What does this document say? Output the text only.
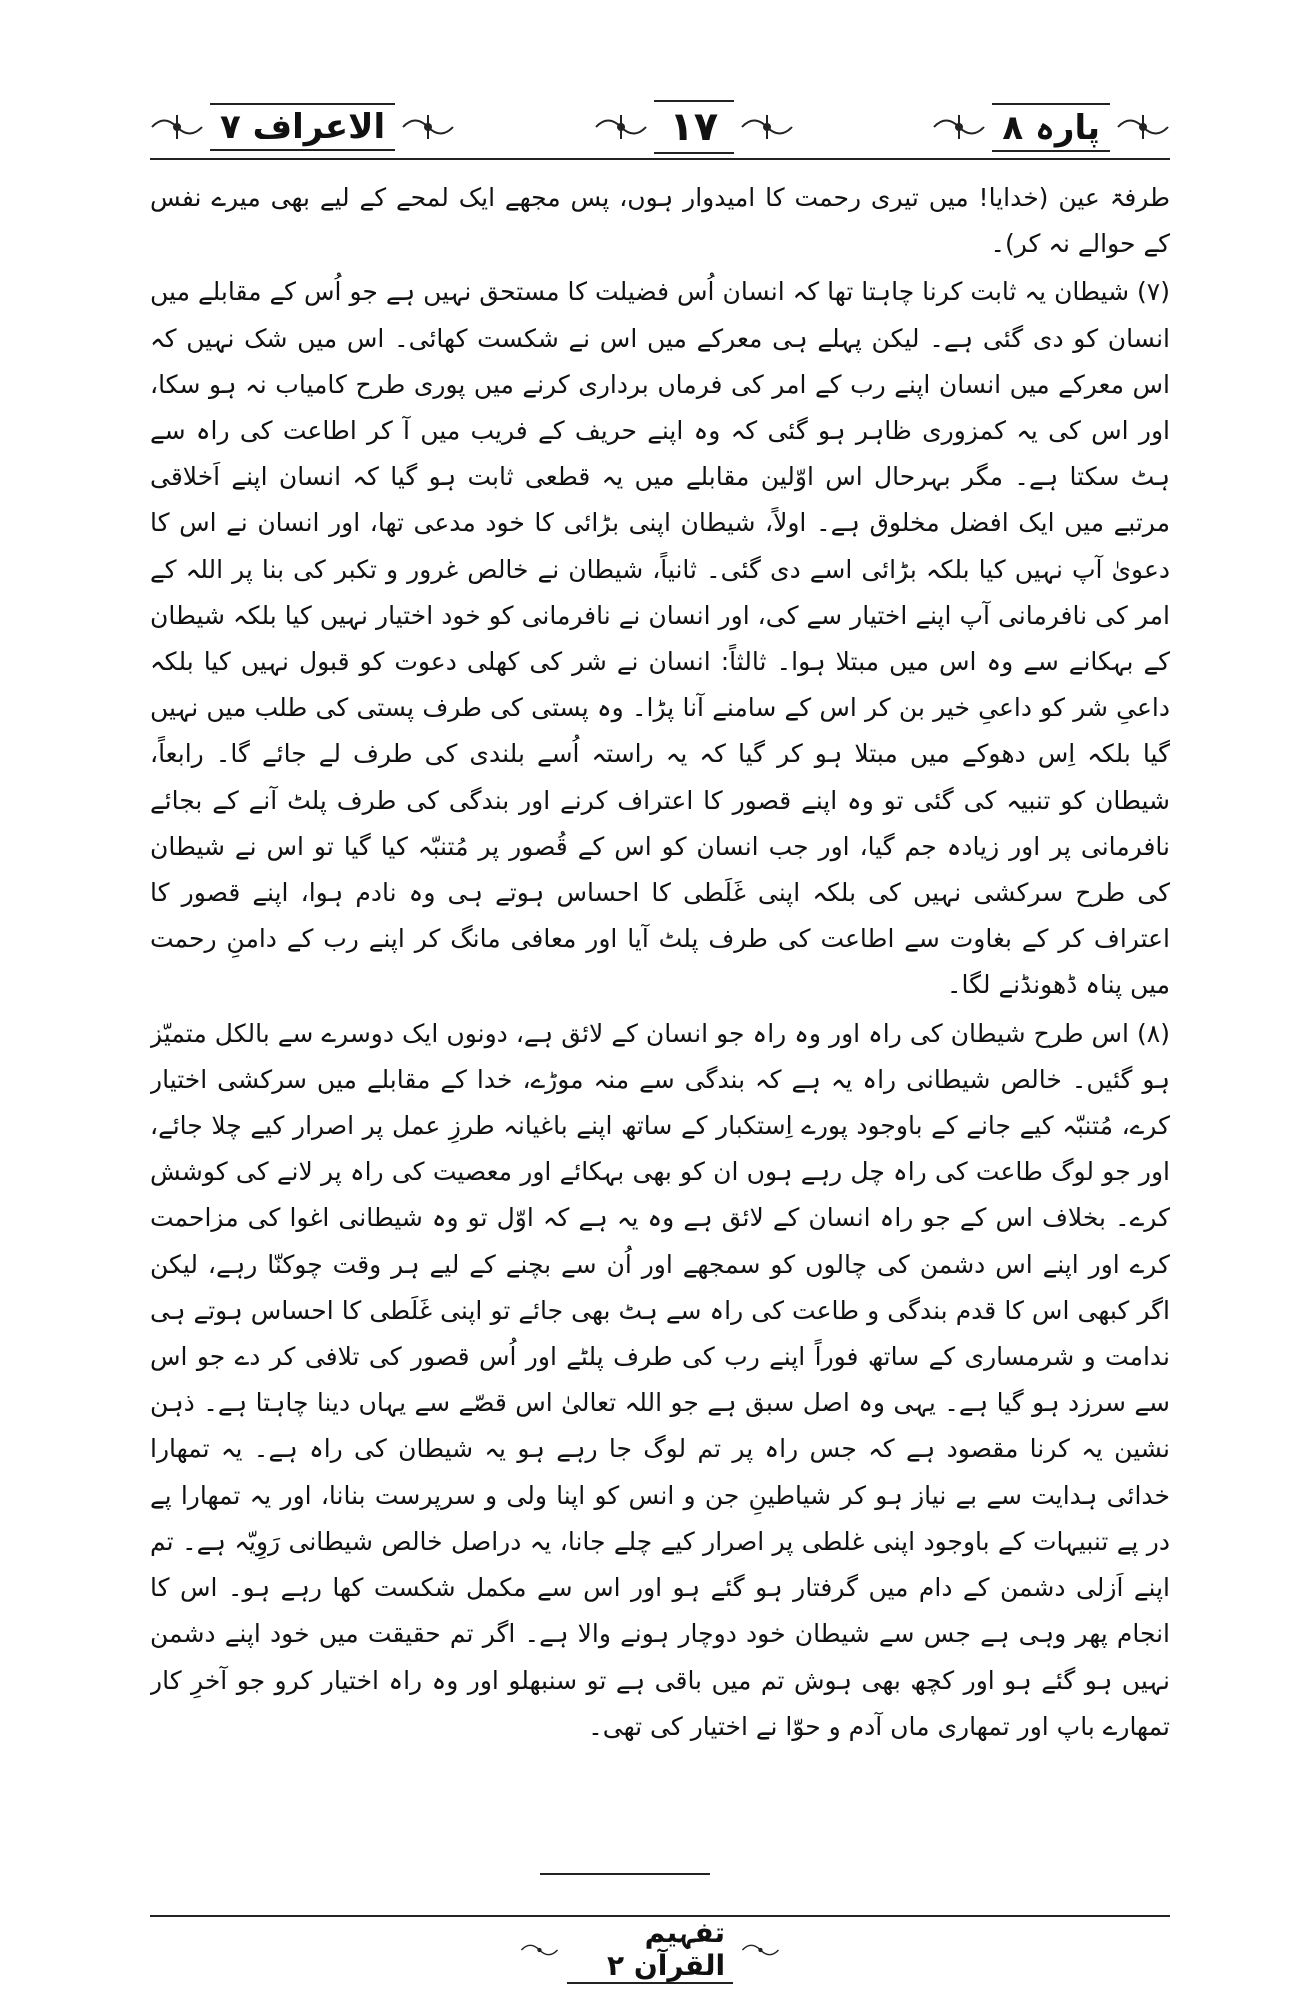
الاعراف ۷	۱۷	پارہ ۸

طرفۃ عین (خدایا! میں تیری رحمت کا امیدوار ہوں، پس مجھے ایک لمحے کے لیے بھی میرے نفس کے حوالے نہ کر)۔

(۷) شیطان یہ ثابت کرنا چاہتا تھا کہ انسان اُس فضیلت کا مستحق نہیں ہے جو اُس کے مقابلے میں انسان کو دی گئی ہے۔ لیکن پہلے ہی معرکے میں اس نے شکست کھائی۔ اس میں شک نہیں کہ اس معرکے میں انسان اپنے رب کے امر کی فرماں برداری کرنے میں پوری طرح کامیاب نہ ہو سکا، اور اس کی یہ کمزوری ظاہر ہو گئی کہ وہ اپنے حریف کے فریب میں آ کر اطاعت کی راہ سے ہٹ سکتا ہے۔ مگر بہرحال اس اوّلین مقابلے میں یہ قطعی ثابت ہو گیا کہ انسان اپنے اَخلاقی مرتبے میں ایک افضل مخلوق ہے۔ اولاً، شیطان اپنی بڑائی کا خود مدعی تھا، اور انسان نے اس کا دعویٰ آپ نہیں کیا بلکہ بڑائی اسے دی گئی۔ ثانیاً، شیطان نے خالص غرور و تکبر کی بنا پر اللہ کے امر کی نافرمانی آپ اپنے اختیار سے کی، اور انسان نے نافرمانی کو خود اختیار نہیں کیا بلکہ شیطان کے بہکانے سے وہ اس میں مبتلا ہوا۔ ثالثاً: انسان نے شر کی کھلی دعوت کو قبول نہیں کیا بلکہ داعیِ شر کو داعیِ خیر بن کر اس کے سامنے آنا پڑا۔ وہ پستی کی طرف پستی کی طلب میں نہیں گیا بلکہ اِس دھوکے میں مبتلا ہو کر گیا کہ یہ راستہ اُسے بلندی کی طرف لے جائے گا۔ رابعاً، شیطان کو تنبیہ کی گئی تو وہ اپنے قصور کا اعتراف کرنے اور بندگی کی طرف پلٹ آنے کے بجائے نافرمانی پر اور زیادہ جم گیا، اور جب انسان کو اس کے قُصور پر مُتنبّہ کیا گیا تو اس نے شیطان کی طرح سرکشی نہیں کی بلکہ اپنی غَلَطی کا احساس ہوتے ہی وہ نادم ہوا، اپنے قصور کا اعتراف کر کے بغاوت سے اطاعت کی طرف پلٹ آیا اور معافی مانگ کر اپنے رب کے دامنِ رحمت میں پناہ ڈھونڈنے لگا۔

(۸) اس طرح شیطان کی راہ اور وہ راہ جو انسان کے لائق ہے، دونوں ایک دوسرے سے بالکل متمیّز ہو گئیں۔ خالص شیطانی راہ یہ ہے کہ بندگی سے منہ موڑے، خدا کے مقابلے میں سرکشی اختیار کرے، مُتنبّہ کیے جانے کے باوجود پورے اِستکبار کے ساتھ اپنے باغیانہ طرزِ عمل پر اصرار کیے چلا جائے، اور جو لوگ طاعت کی راہ چل رہے ہوں ان کو بھی بہکائے اور معصیت کی راہ پر لانے کی کوشش کرے۔ بخلاف اس کے جو راہ انسان کے لائق ہے وہ یہ ہے کہ اوّل تو وہ شیطانی اغوا کی مزاحمت کرے اور اپنے اس دشمن کی چالوں کو سمجھے اور اُن سے بچنے کے لیے ہر وقت چوکنّا رہے، لیکن اگر کبھی اس کا قدم بندگی و طاعت کی راہ سے ہٹ بھی جائے تو اپنی غَلَطی کا احساس ہوتے ہی ندامت و شرمساری کے ساتھ فوراً اپنے رب کی طرف پلٹے اور اُس قصور کی تلافی کر دے جو اس سے سرزد ہو گیا ہے۔ یہی وہ اصل سبق ہے جو اللہ تعالیٰ اس قصّے سے یہاں دینا چاہتا ہے۔ ذہن نشین یہ کرنا مقصود ہے کہ جس راہ پر تم لوگ جا رہے ہو یہ شیطان کی راہ ہے۔ یہ تمھارا خدائی ہدایت سے بے نیاز ہو کر شیاطینِ جن و انس کو اپنا ولی و سرپرست بنانا، اور یہ تمھارا پے در پے تنبیہات کے باوجود اپنی غلطی پر اصرار کیے چلے جانا، یہ دراصل خالص شیطانی رَوِیّہ ہے۔ تم اپنے اَزلی دشمن کے دام میں گرفتار ہو گئے ہو اور اس سے مکمل شکست کھا رہے ہو۔ اس کا انجام پھر وہی ہے جس سے شیطان خود دوچار ہونے والا ہے۔ اگر تم حقیقت میں خود اپنے دشمن نہیں ہو گئے ہو اور کچھ بھی ہوش تم میں باقی ہے تو سنبھلو اور وہ راہ اختیار کرو جو آخرِ کار تمھارے باپ اور تمھاری ماں آدم و حوّا نے اختیار کی تھی۔

تفہیم القرآن ۲
